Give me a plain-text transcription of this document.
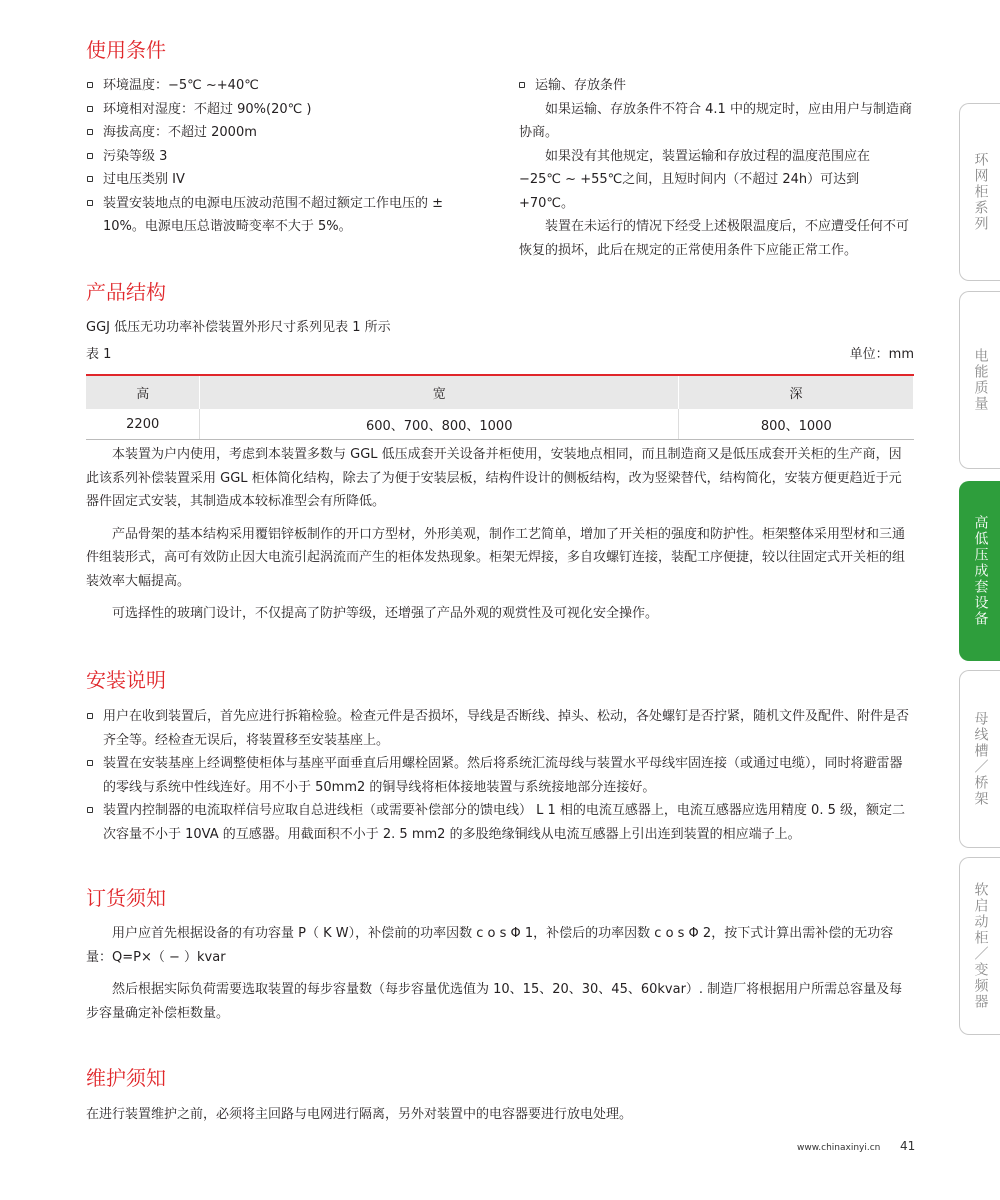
使用条件

环境温度：−5℃ ~+40℃

环境相对湿度：不超过 90%(20℃ )

海拔高度：不超过 2000m

污染等级 3

过电压类别 IV

装置安装地点的电源电压波动范围不超过额定工作电压的 ± 10%。电源电压总谐波畸变率不大于 5%。

运输、存放条件

如果运输、存放条件不符合 4.1 中的规定时，应由用户与制造商协商。

如果没有其他规定，装置运输和存放过程的温度范围应在 −25℃ ~ +55℃之间，且短时间内（不超过 24h）可达到 +70℃。

装置在未运行的情况下经受上述极限温度后，不应遭受任何不可恢复的损坏，此后在规定的正常使用条件下应能正常工作。

产品结构

GGJ 低压无功功率补偿装置外形尺寸系列见表 1 所示

表 1	单位：mm

高	宽	深
2200	600、700、800、1000	800、1000

本装置为户内使用，考虑到本装置多数与 GGL 低压成套开关设备并柜使用，安装地点相同，而且制造商又是低压成套开关柜的生产商，因此该系列补偿装置采用 GGL 柜体简化结构，除去了为便于安装层板，结构件设计的侧板结构，改为竖梁替代，结构简化，安装方便更趋近于元器件固定式安装，其制造成本较标准型会有所降低。

产品骨架的基本结构采用覆铝锌板制作的开口方型材，外形美观，制作工艺简单，增加了开关柜的强度和防护性。柜架整体采用型材和三通件组装形式，高可有效防止因大电流引起涡流而产生的柜体发热现象。柜架无焊接，多自攻螺钉连接，装配工序便捷，较以往固定式开关柜的组装效率大幅提高。

可选择性的玻璃门设计，不仅提高了防护等级，还增强了产品外观的观赏性及可视化安全操作。

安装说明

用户在收到装置后，首先应进行拆箱检验。检查元件是否损坏，导线是否断线、掉头、松动，各处螺钉是否拧紧，随机文件及配件、附件是否齐全等。经检查无误后，将装置移至安装基座上。

装置在安装基座上经调整使柜体与基座平面垂直后用螺栓固紧。然后将系统汇流母线与装置水平母线牢固连接（或通过电缆），同时将避雷器的零线与系统中性线连好。用不小于 50mm2 的铜导线将柜体接地装置与系统接地部分连接好。

装置内控制器的电流取样信号应取自总进线柜（或需要补偿部分的馈电线） L 1 相的电流互感器上，电流互感器应选用精度 0. 5 级，额定二次容量不小于 10VA 的互感器。用截面积不小于 2. 5 mm2 的多股绝缘铜线从电流互感器上引出连到装置的相应端子上。

订货须知

用户应首先根据设备的有功容量 P（ K W），补偿前的功率因数 c o s Φ 1，补偿后的功率因数 c o s Φ 2，按下式计算出需补偿的无功容量：Q=P×（ − ）kvar

然后根据实际负荷需要选取装置的每步容量数（每步容量优选值为 10、15、20、30、45、60kvar）. 制造厂将根据用户所需总容量及每步容量确定补偿柜数量。

维护须知

在进行装置维护之前，必须将主回路与电网进行隔离，另外对装置中的电容器要进行放电处理。

环网柜系列
电能质量
高低压成套设备
母线槽／桥架
软启动柜／变频器
www.chinaxinyi.cn 41
